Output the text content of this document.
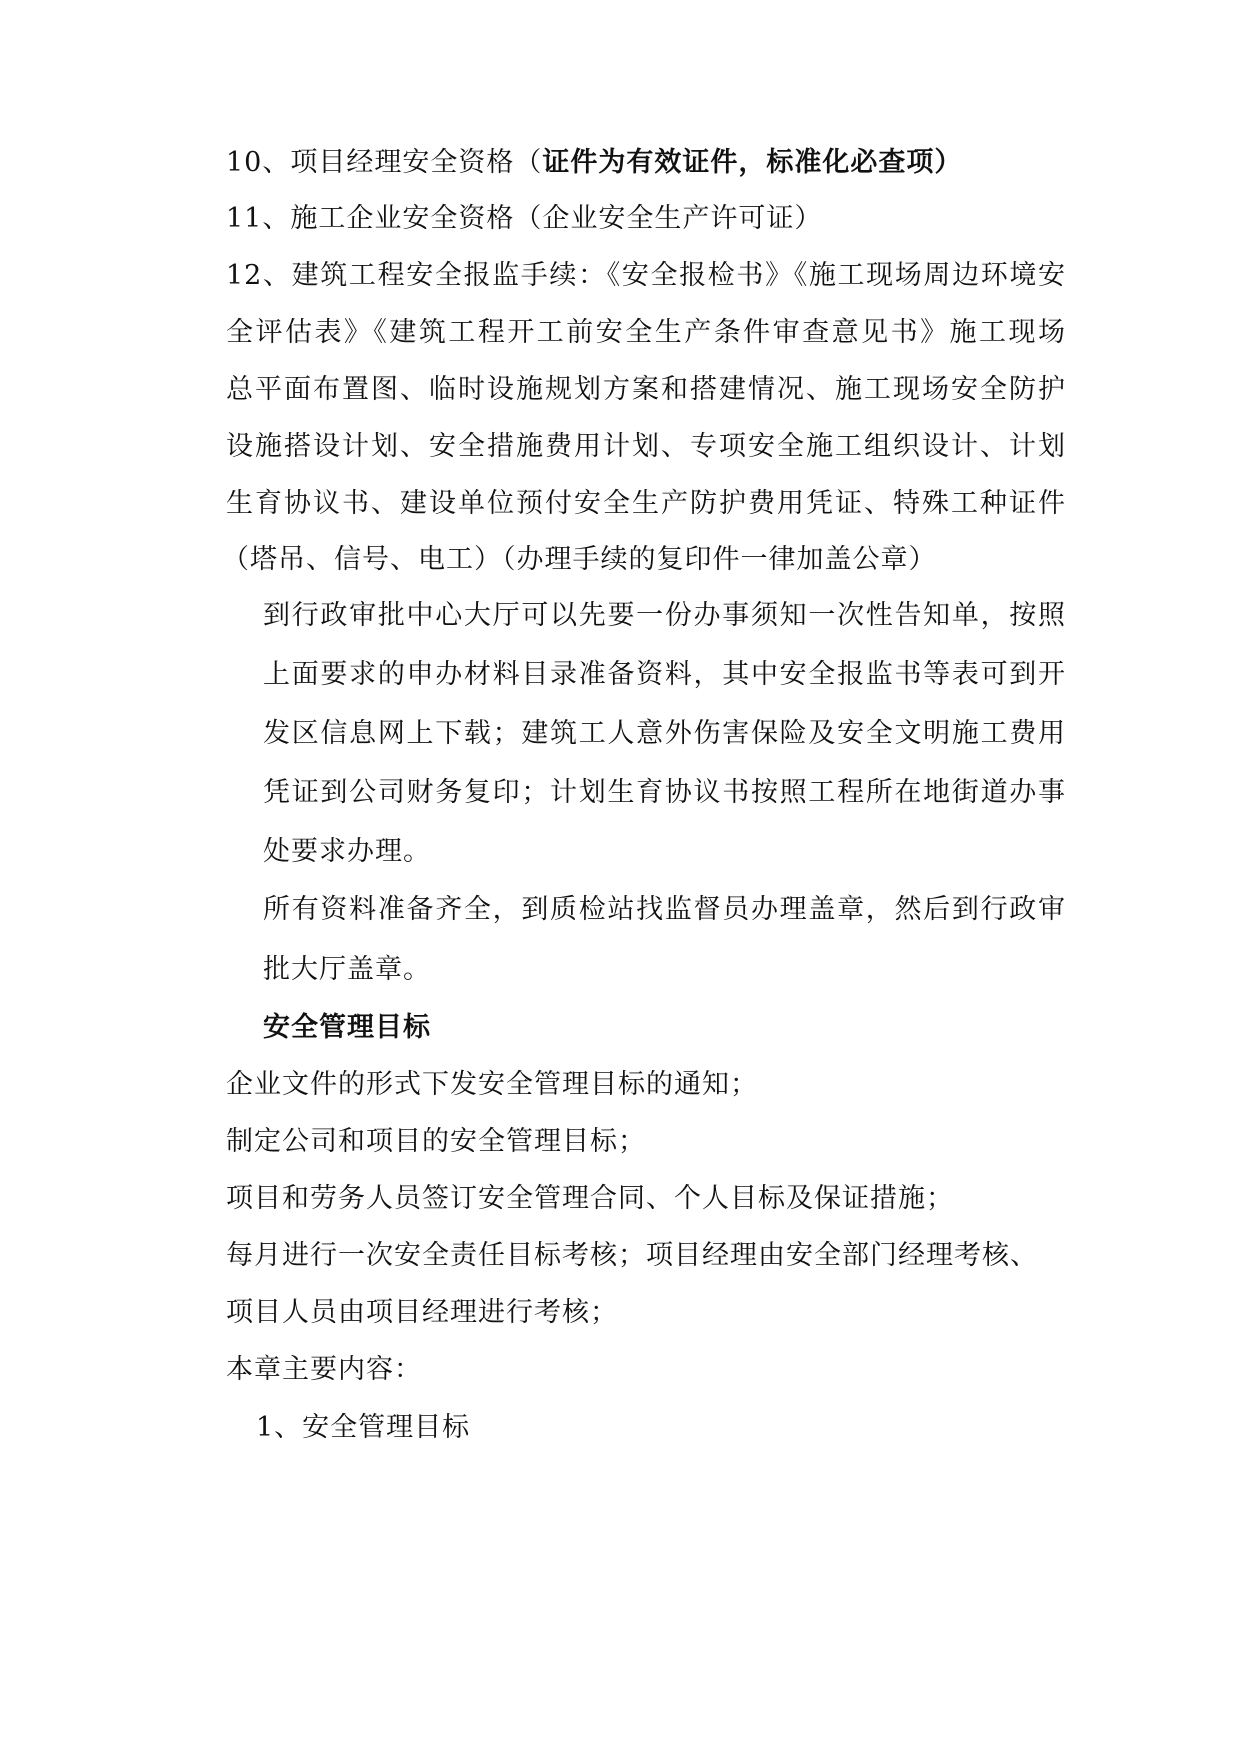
10、项目经理安全资格（证件为有效证件，标准化必查项）
11、施工企业安全资格（企业安全生产许可证）
12、建筑工程安全报监手续：《安全报检书》《施工现场周边环境安
全评估表》《建筑工程开工前安全生产条件审查意见书》施工现场
总平面布置图、临时设施规划方案和搭建情况、施工现场安全防护
设施搭设计划、安全措施费用计划、专项安全施工组织设计、计划
生育协议书、建设单位预付安全生产防护费用凭证、特殊工种证件
（塔吊、信号、电工）（办理手续的复印件一律加盖公章）
到行政审批中心大厅可以先要一份办事须知一次性告知单，按照
上面要求的申办材料目录准备资料，其中安全报监书等表可到开
发区信息网上下载；建筑工人意外伤害保险及安全文明施工费用
凭证到公司财务复印；计划生育协议书按照工程所在地街道办事
处要求办理。
所有资料准备齐全，到质检站找监督员办理盖章，然后到行政审
批大厅盖章。
安全管理目标
企业文件的形式下发安全管理目标的通知；
制定公司和项目的安全管理目标；
项目和劳务人员签订安全管理合同、个人目标及保证措施；
每月进行一次安全责任目标考核；项目经理由安全部门经理考核、
项目人员由项目经理进行考核；
本章主要内容：
1、安全管理目标
